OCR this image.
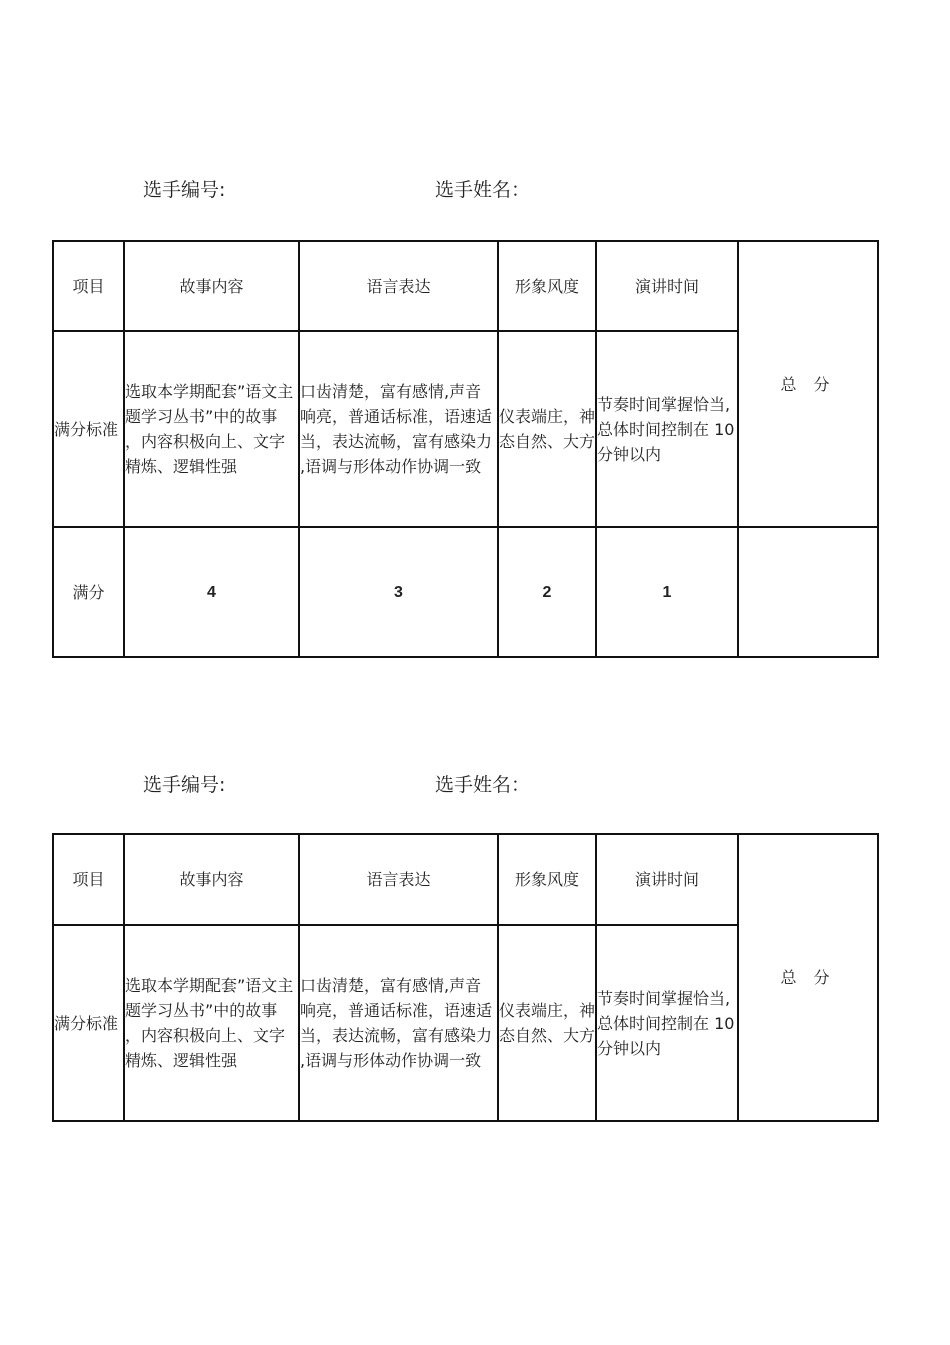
选手编号:	选手姓名：
项目	故事内容	语言表达	形象风度	演讲时间	总 分
满分标准	选取本学期配套”语文主题学习丛书”中的故事 ，内容积极向上、文字精炼、逻辑性强	口齿清楚，富有感情,声音响亮，普通话标准，语速适当，表达流畅，富有感染力 ,语调与形体动作协调一致	仪表端庄，神态自然、大方	节奏时间掌握恰当, 总体时间控制在 10 分钟以内	
满分	4	3	2	1	
选手编号:	选手姓名：
项目	故事内容	语言表达	形象风度	演讲时间	总 分
满分标准	选取本学期配套”语文主题学习丛书”中的故事 ，内容积极向上、文字精炼、逻辑性强	口齿清楚，富有感情,声音响亮，普通话标准，语速适当，表达流畅，富有感染力 ,语调与形体动作协调一致	仪表端庄，神态自然、大方	节奏时间掌握恰当, 总体时间控制在 10 分钟以内	
